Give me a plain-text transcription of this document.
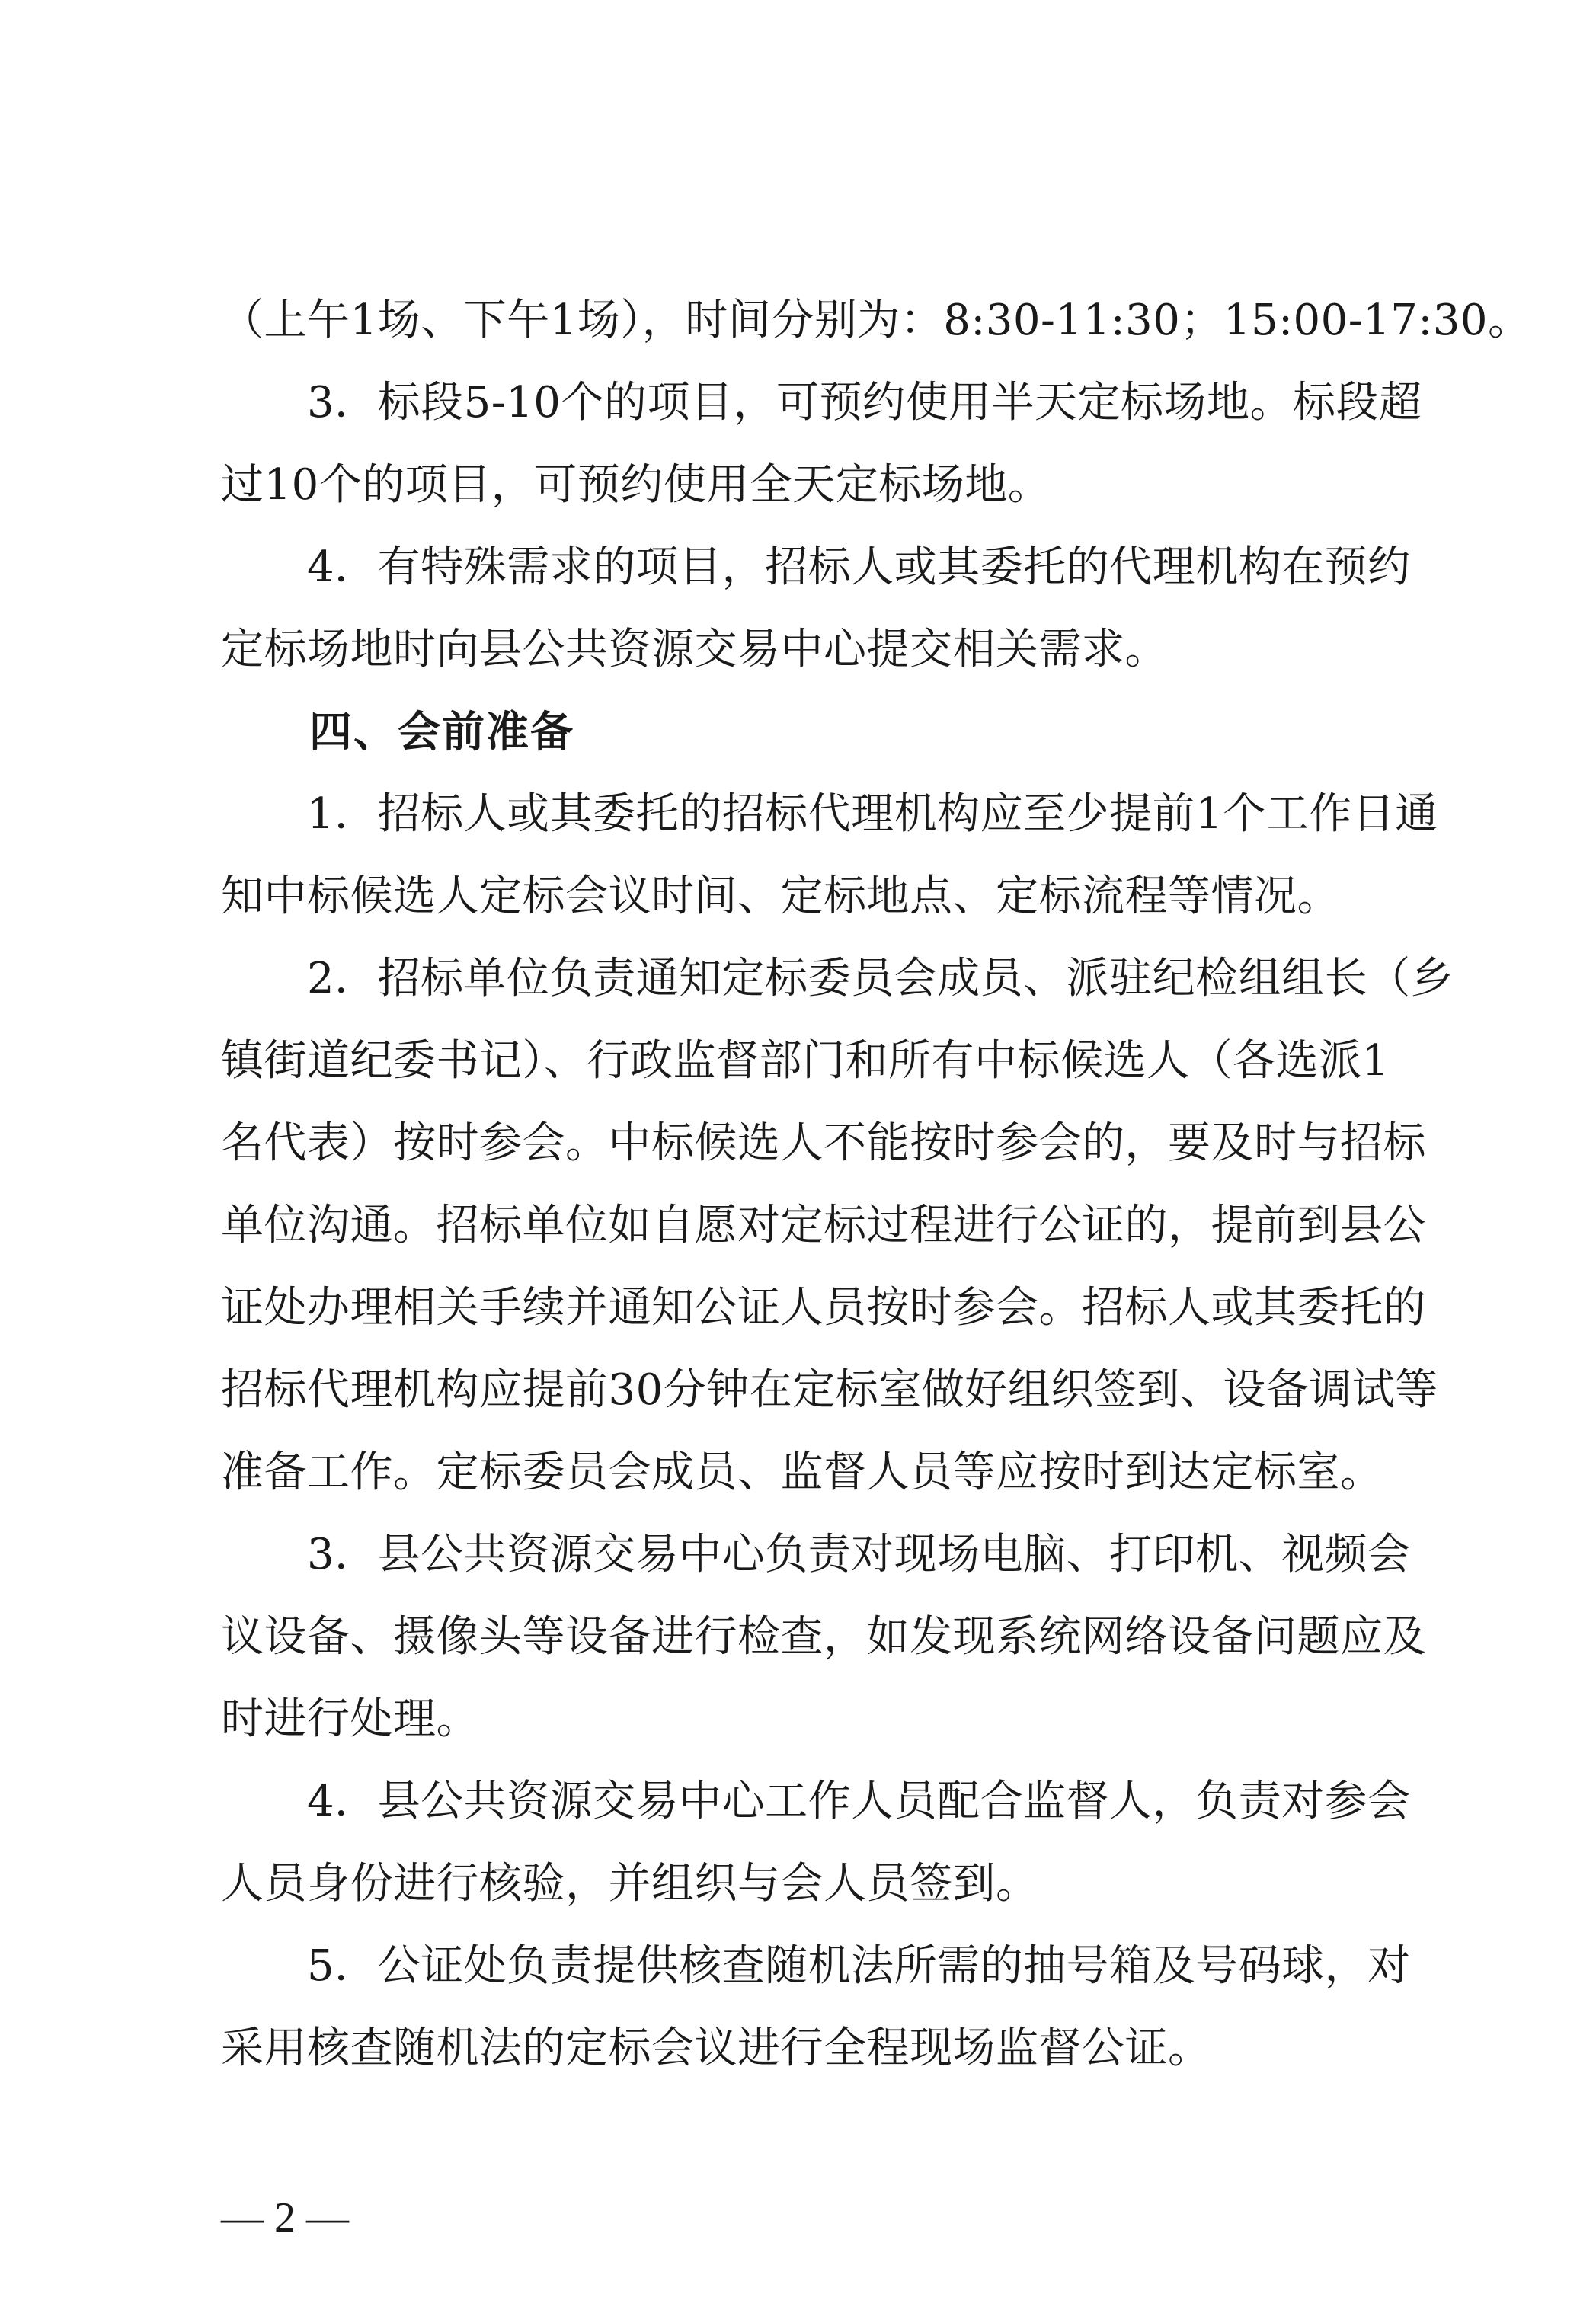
（上午1场、下午1场），时间分别为：8:30-11:30；15:00-17:30。
　　3．标段5-10个的项目，可预约使用半天定标场地。标段超
过10个的项目，可预约使用全天定标场地。
　　4．有特殊需求的项目，招标人或其委托的代理机构在预约
定标场地时向县公共资源交易中心提交相关需求。
　　四、会前准备
　　1．招标人或其委托的招标代理机构应至少提前1个工作日通
知中标候选人定标会议时间、定标地点、定标流程等情况。
　　2．招标单位负责通知定标委员会成员、派驻纪检组组长（乡
镇街道纪委书记）、行政监督部门和所有中标候选人（各选派1
名代表）按时参会。中标候选人不能按时参会的，要及时与招标
单位沟通。招标单位如自愿对定标过程进行公证的，提前到县公
证处办理相关手续并通知公证人员按时参会。招标人或其委托的
招标代理机构应提前30分钟在定标室做好组织签到、设备调试等
准备工作。定标委员会成员、监督人员等应按时到达定标室。
　　3．县公共资源交易中心负责对现场电脑、打印机、视频会
议设备、摄像头等设备进行检查，如发现系统网络设备问题应及
时进行处理。
　　4．县公共资源交易中心工作人员配合监督人，负责对参会
人员身份进行核验，并组织与会人员签到。
　　5．公证处负责提供核查随机法所需的抽号箱及号码球，对
采用核查随机法的定标会议进行全程现场监督公证。
— 2 —
